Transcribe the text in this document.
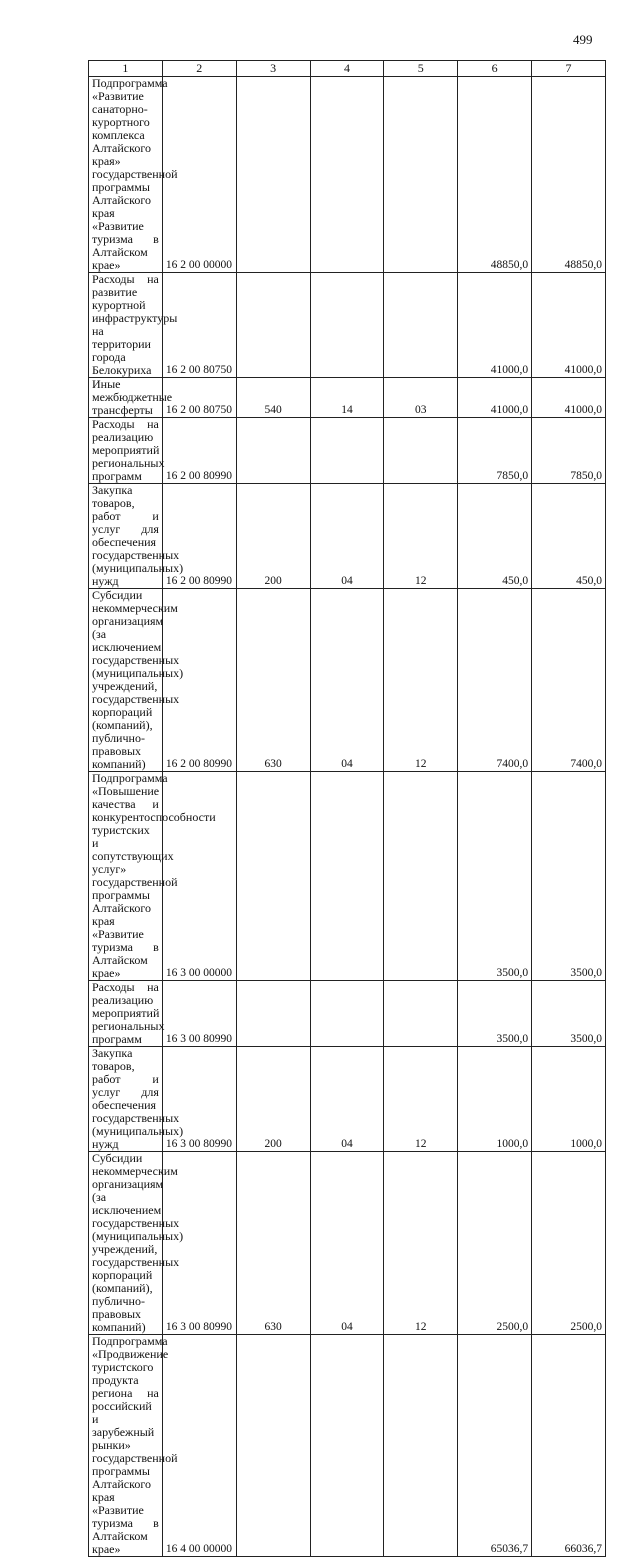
499
1	2	3	4	5	6	7

Подпрограмма «Развитие санаторно-курортного комплекса Алтайского края» государственной программы Алтайского края «Развитие туризма в Алтайском крае»	16 2 00 00000				48850,0	48850,0

Расходы на развитие курортной инфраструктуры на территории города Белокуриха	16 2 00 80750				41000,0	41000,0

Иные межбюджетные трансферты	16 2 00 80750	540	14	03	41000,0	41000,0

Расходы на реализацию мероприятий региональных программ	16 2 00 80990				7850,0	7850,0

Закупка товаров, работ и услуг для обеспечения государственных (муниципальных) нужд	16 2 00 80990	200	04	12	450,0	450,0

Субсидии некоммерческим организациям (за исключением государственных (муниципальных) учреждений, государственных корпораций (компаний), публично-правовых компаний)	16 2 00 80990	630	04	12	7400,0	7400,0

Подпрограмма «Повышение качества и конкурентоспособности туристских и сопутствующих услуг» государственной программы Алтайского края «Развитие туризма в Алтайском крае»	16 3 00 00000				3500,0	3500,0

Расходы на реализацию мероприятий региональных программ	16 3 00 80990				3500,0	3500,0

Закупка товаров, работ и услуг для обеспечения государственных (муниципальных) нужд	16 3 00 80990	200	04	12	1000,0	1000,0

Субсидии некоммерческим организациям (за исключением государственных (муниципальных) учреждений, государственных корпораций (компаний), публично-правовых компаний)	16 3 00 80990	630	04	12	2500,0	2500,0

Подпрограмма «Продвижение туристского продукта региона на российский и зарубежный рынки» государственной программы Алтайского края «Развитие туризма в Алтайском крае»	16 4 00 00000				65036,7	66036,7
